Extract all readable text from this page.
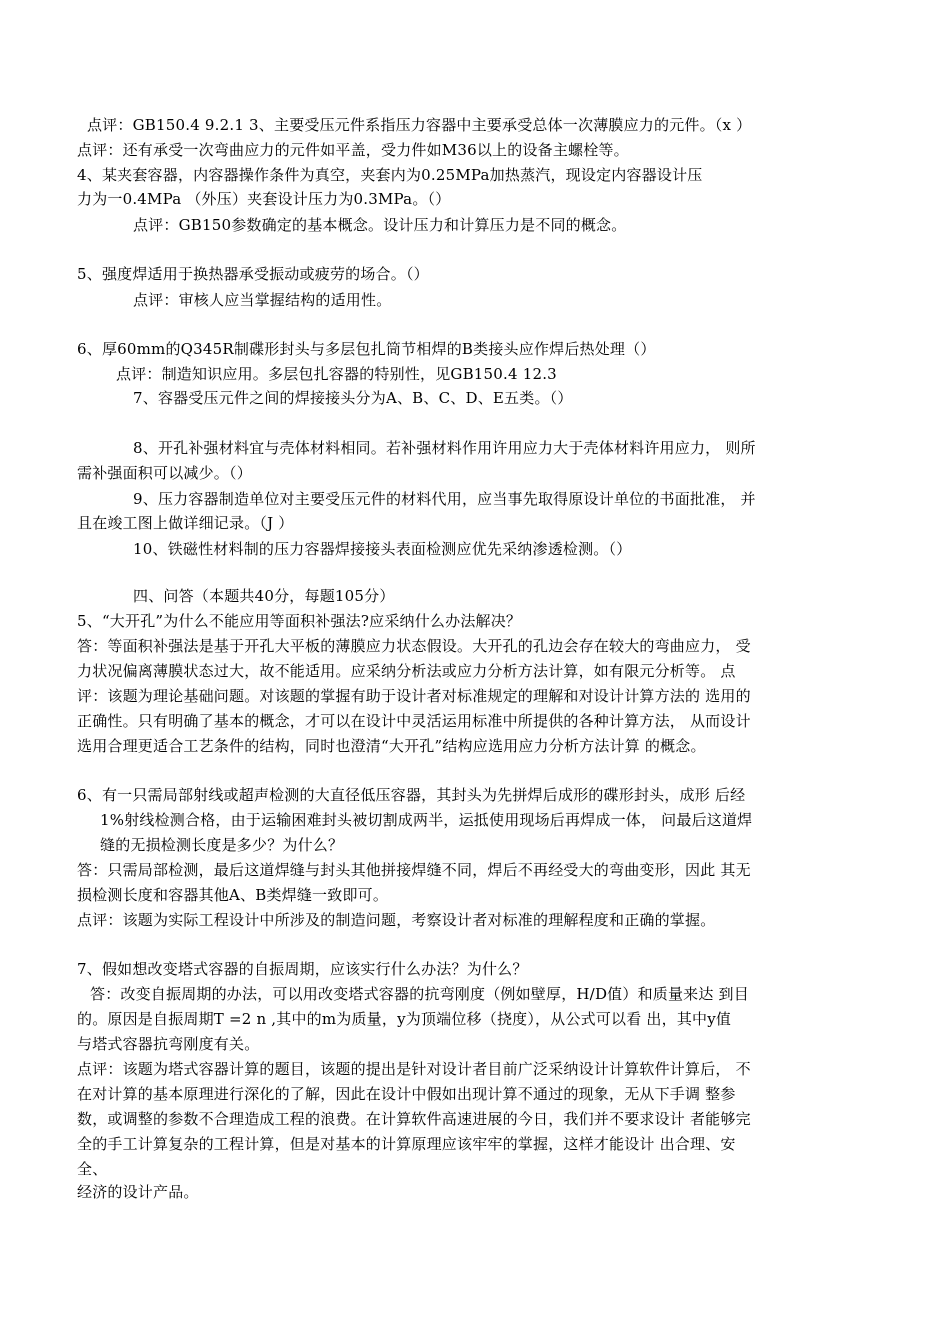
点评：GB150.4 9.2.1 3、主要受压元件系指压力容器中主要承受总体一次薄膜应力的元件。（x ）
点评：还有承受一次弯曲应力的元件如平盖，受力件如M36以上的设备主螺栓等。
4、某夹套容器，内容器操作条件为真空，夹套内为0.25MPa加热蒸汽，现设定内容器设计压
力为一0.4MPa （外压）夹套设计压力为0.3MPa。（）
点评：GB150参数确定的基本概念。设计压力和计算压力是不同的概念。
5、强度焊适用于换热器承受振动或疲劳的场合。（）
点评：审核人应当掌握结构的适用性。
6、厚60mm的Q345R制碟形封头与多层包扎筒节相焊的B类接头应作焊后热处理（）
点评：制造知识应用。多层包扎容器的特别性，见GB150.4 12.3
7、容器受压元件之间的焊接接头分为A、B、C、D、E五类。（）
8、开孔补强材料宜与壳体材料相同。若补强材料作用许用应力大于壳体材料许用应力， 则所
需补强面积可以减少。（）
9、压力容器制造单位对主要受压元件的材料代用，应当事先取得原设计单位的书面批准， 并
且在竣工图上做详细记录。（J ）
10、铁磁性材料制的压力容器焊接接头表面检测应优先采纳渗透检测。（）
四、问答（本题共40分，每题105分）
5、“大开孔”为什么不能应用等面积补强法?应采纳什么办法解决？
答：等面积补强法是基于开孔大平板的薄膜应力状态假设。大开孔的孔边会存在较大的弯曲应力， 受
力状况偏离薄膜状态过大，故不能适用。应采纳分析法或应力分析方法计算，如有限元分析等。 点
评：该题为理论基础问题。对该题的掌握有助于设计者对标准规定的理解和对设计计算方法的 选用的
正确性。只有明确了基本的概念，才可以在设计中灵活运用标准中所提供的各种计算方法， 从而设计
选用合理更适合工艺条件的结构，同时也澄清“大开孔”结构应选用应力分析方法计算 的概念。
6、有一只需局部射线或超声检测的大直径低压容器，其封头为先拼焊后成形的碟形封头，成形 后经
1%射线检测合格，由于运输困难封头被切割成两半，运抵使用现场后再焊成一体， 问最后这道焊
缝的无损检测长度是多少？为什么？
答：只需局部检测，最后这道焊缝与封头其他拼接焊缝不同，焊后不再经受大的弯曲变形，因此 其无
损检测长度和容器其他A、B类焊缝一致即可。
点评：该题为实际工程设计中所涉及的制造问题，考察设计者对标准的理解程度和正确的掌握。
7、假如想改变塔式容器的自振周期，应该实行什么办法？为什么？
答：改变自振周期的办法，可以用改变塔式容器的抗弯刚度（例如壁厚，H/D值）和质量来达 到目
的。原因是自振周期T =2 n ,其中的m为质量，y为顶端位移（挠度），从公式可以看 出，其中y值
与塔式容器抗弯刚度有关。
点评：该题为塔式容器计算的题目，该题的提出是针对设计者目前广泛采纳设计计算软件计算后， 不
在对计算的基本原理进行深化的了解，因此在设计中假如出现计算不通过的现象，无从下手调 整参
数，或调整的参数不合理造成工程的浪费。在计算软件高速进展的今日，我们并不要求设计 者能够完
全的手工计算复杂的工程计算，但是对基本的计算原理应该牢牢的掌握，这样才能设计 出合理、安
全、
经济的设计产品。
